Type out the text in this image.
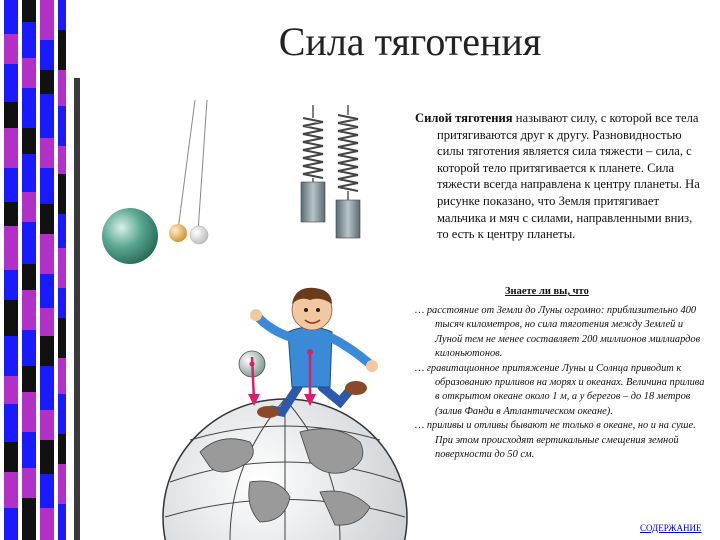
Сила тяготения

Силой тяготения называют силу, с которой все тела притягиваются друг к другу. Разновидностью силы тяготения является сила тяжести – сила, с которой тело притягивается к планете. Сила тяжести всегда направлена к центру планеты. На рисунке показано, что Земля притягивает мальчика и мяч с силами, направленными вниз, то есть к центру планеты.

Знаете ли вы, что

… расстояние от Земли до Луны огромно: приблизительно 400 тысяч километров, но сила тяготения между Землей и Луной тем не менее составляет 200 миллионов миллиардов килоньютонов.

… гравитационное притяжение Луны и Солнца приводит к образованию приливов на морях и океанах. Величина прилива в открытом океане около 1 м, а у берегов – до 18 метров (залив Фанди в Атлантическом океане).

… приливы и отливы бывают не только в океане, но и на суше. При этом происходят вертикальные смещения земной поверхности до 50 см.

СОДЕРЖАНИЕ
